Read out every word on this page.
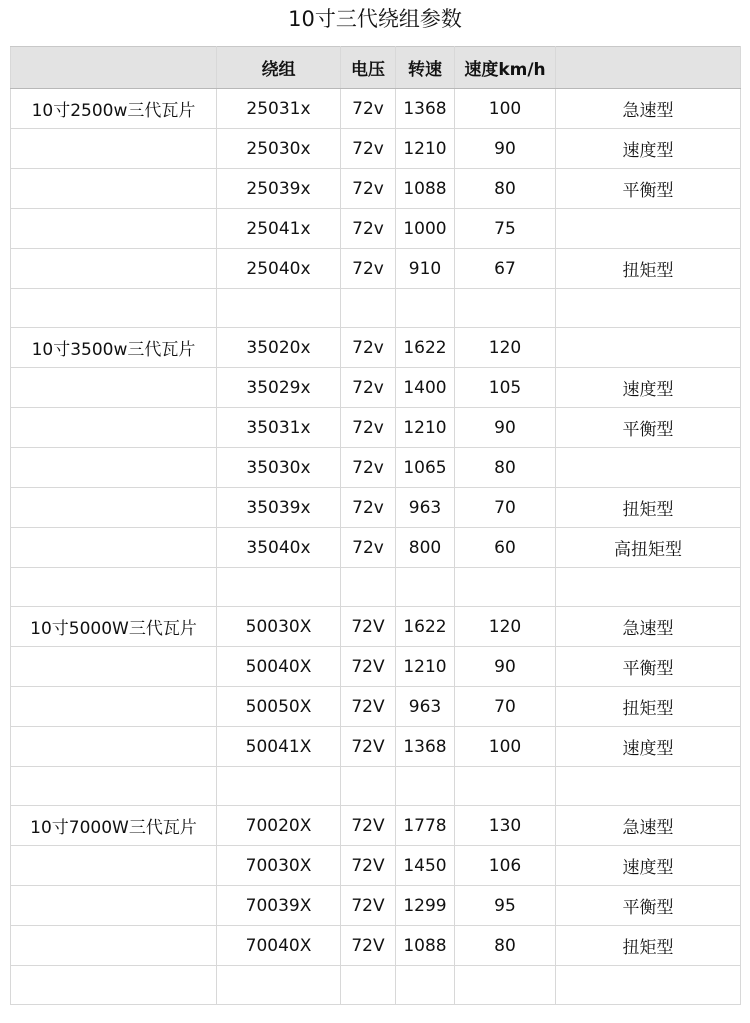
10寸三代绕组参数
	绕组	电压	转速	速度km/h	
10寸2500w三代瓦片	25031x	72v	1368	100	急速型
	25030x	72v	1210	90	速度型
	25039x	72v	1088	80	平衡型
	25041x	72v	1000	75	
	25040x	72v	910	67	扭矩型

10寸3500w三代瓦片	35020x	72v	1622	120	
	35029x	72v	1400	105	速度型
	35031x	72v	1210	90	平衡型
	35030x	72v	1065	80	
	35039x	72v	963	70	扭矩型
	35040x	72v	800	60	高扭矩型

10寸5000W三代瓦片	50030X	72V	1622	120	急速型
	50040X	72V	1210	90	平衡型
	50050X	72V	963	70	扭矩型
	50041X	72V	1368	100	速度型

10寸7000W三代瓦片	70020X	72V	1778	130	急速型
	70030X	72V	1450	106	速度型
	70039X	72V	1299	95	平衡型
	70040X	72V	1088	80	扭矩型
